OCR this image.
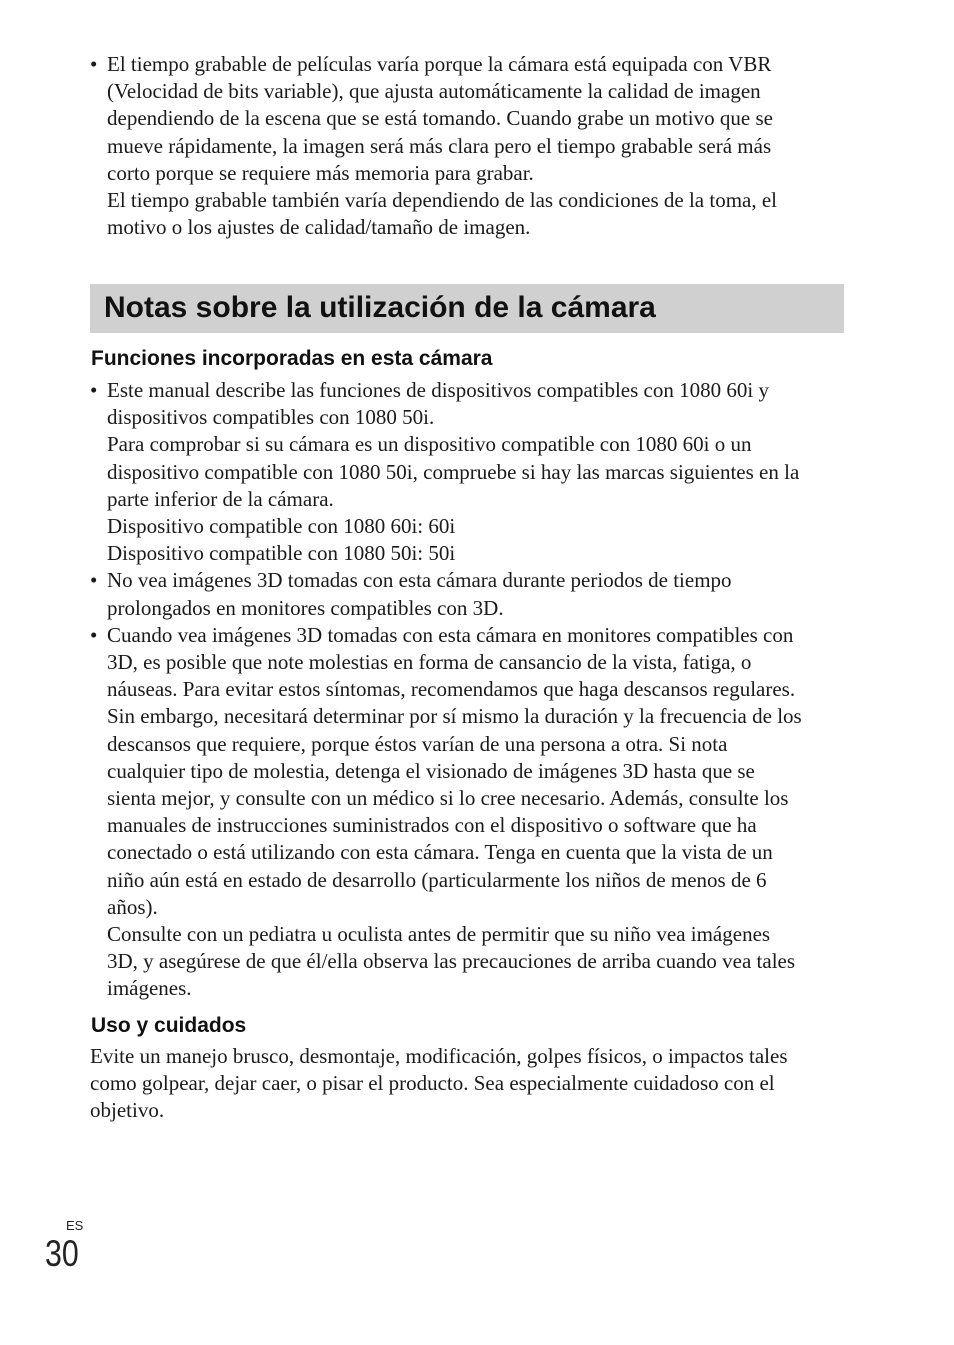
• El tiempo grabable de películas varía porque la cámara está equipada con VBR
(Velocidad de bits variable), que ajusta automáticamente la calidad de imagen
dependiendo de la escena que se está tomando. Cuando grabe un motivo que se
mueve rápidamente, la imagen será más clara pero el tiempo grabable será más
corto porque se requiere más memoria para grabar.
El tiempo grabable también varía dependiendo de las condiciones de la toma, el
motivo o los ajustes de calidad/tamaño de imagen.
Notas sobre la utilización de la cámara
Funciones incorporadas en esta cámara
• Este manual describe las funciones de dispositivos compatibles con 1080 60i y
dispositivos compatibles con 1080 50i.
Para comprobar si su cámara es un dispositivo compatible con 1080 60i o un
dispositivo compatible con 1080 50i, compruebe si hay las marcas siguientes en la
parte inferior de la cámara.
Dispositivo compatible con 1080 60i: 60i
Dispositivo compatible con 1080 50i: 50i
• No vea imágenes 3D tomadas con esta cámara durante periodos de tiempo
prolongados en monitores compatibles con 3D.
• Cuando vea imágenes 3D tomadas con esta cámara en monitores compatibles con
3D, es posible que note molestias en forma de cansancio de la vista, fatiga, o
náuseas. Para evitar estos síntomas, recomendamos que haga descansos regulares.
Sin embargo, necesitará determinar por sí mismo la duración y la frecuencia de los
descansos que requiere, porque éstos varían de una persona a otra. Si nota
cualquier tipo de molestia, detenga el visionado de imágenes 3D hasta que se
sienta mejor, y consulte con un médico si lo cree necesario. Además, consulte los
manuales de instrucciones suministrados con el dispositivo o software que ha
conectado o está utilizando con esta cámara. Tenga en cuenta que la vista de un
niño aún está en estado de desarrollo (particularmente los niños de menos de 6
años).
Consulte con un pediatra u oculista antes de permitir que su niño vea imágenes
3D, y asegúrese de que él/ella observa las precauciones de arriba cuando vea tales
imágenes.
Uso y cuidados
Evite un manejo brusco, desmontaje, modificación, golpes físicos, o impactos tales
como golpear, dejar caer, o pisar el producto. Sea especialmente cuidadoso con el
objetivo.
ES
30
